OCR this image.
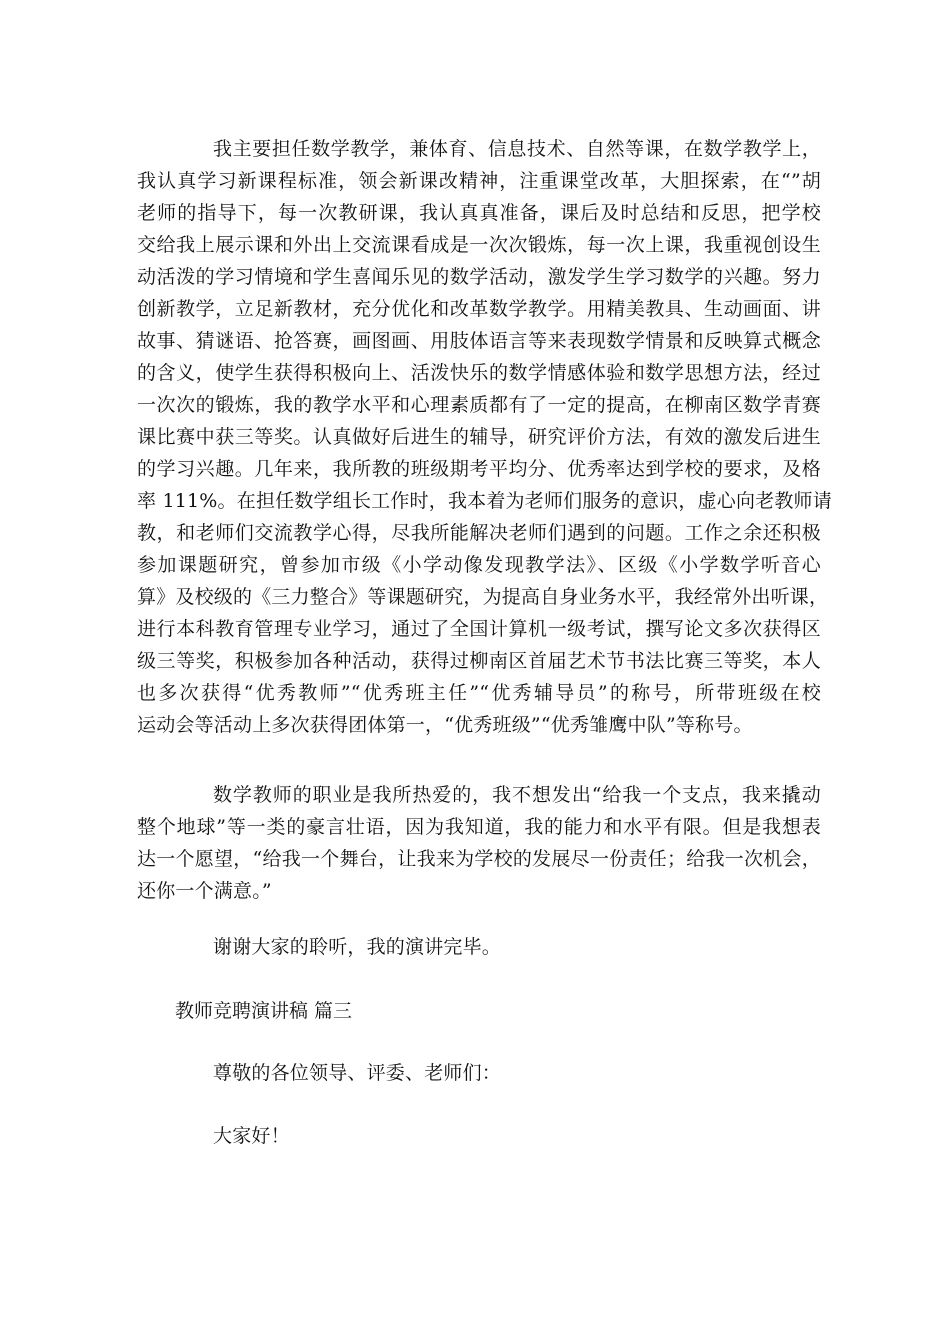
我主要担任数学教学，兼体育、信息技术、自然等课，在数学教学上，
我认真学习新课程标准，领会新课改精神，注重课堂改革，大胆探索，在“”胡
老师的指导下，每一次教研课，我认真真准备，课后及时总结和反思，把学校
交给我上展示课和外出上交流课看成是一次次锻炼，每一次上课，我重视创设生
动活泼的学习情境和学生喜闻乐见的数学活动，激发学生学习数学的兴趣。努力
创新教学，立足新教材，充分优化和改革数学教学。用精美教具、生动画面、讲
故事、猜谜语、抢答赛，画图画、用肢体语言等来表现数学情景和反映算式概念
的含义，使学生获得积极向上、活泼快乐的数学情感体验和数学思想方法，经过
一次次的锻炼，我的教学水平和心理素质都有了一定的提高，在柳南区数学青赛
课比赛中获三等奖。认真做好后进生的辅导，研究评价方法，有效的激发后进生
的学习兴趣。几年来，我所教的班级期考平均分、优秀率达到学校的要求，及格
率 111%。在担任数学组长工作时，我本着为老师们服务的意识，虚心向老教师请
教，和老师们交流教学心得，尽我所能解决老师们遇到的问题。工作之余还积极
参加课题研究，曾参加市级《小学动像发现教学法》、区级《小学数学听音心
算》及校级的《三力整合》等课题研究，为提高自身业务水平，我经常外出听课，
进行本科教育管理专业学习，通过了全国计算机一级考试，撰写论文多次获得区
级三等奖，积极参加各种活动，获得过柳南区首届艺术节书法比赛三等奖，本人
也多次获得“优秀教师”“优秀班主任”“优秀辅导员”的称号，所带班级在校
运动会等活动上多次获得团体第一，“优秀班级”“优秀雏鹰中队”等称号。
数学教师的职业是我所热爱的，我不想发出“给我一个支点，我来撬动
整个地球”等一类的豪言壮语，因为我知道，我的能力和水平有限。但是我想表
达一个愿望，“给我一个舞台，让我来为学校的发展尽一份责任；给我一次机会，
还你一个满意。”
谢谢大家的聆听，我的演讲完毕。
教师竞聘演讲稿 篇三
尊敬的各位领导、评委、老师们：
大家好！
